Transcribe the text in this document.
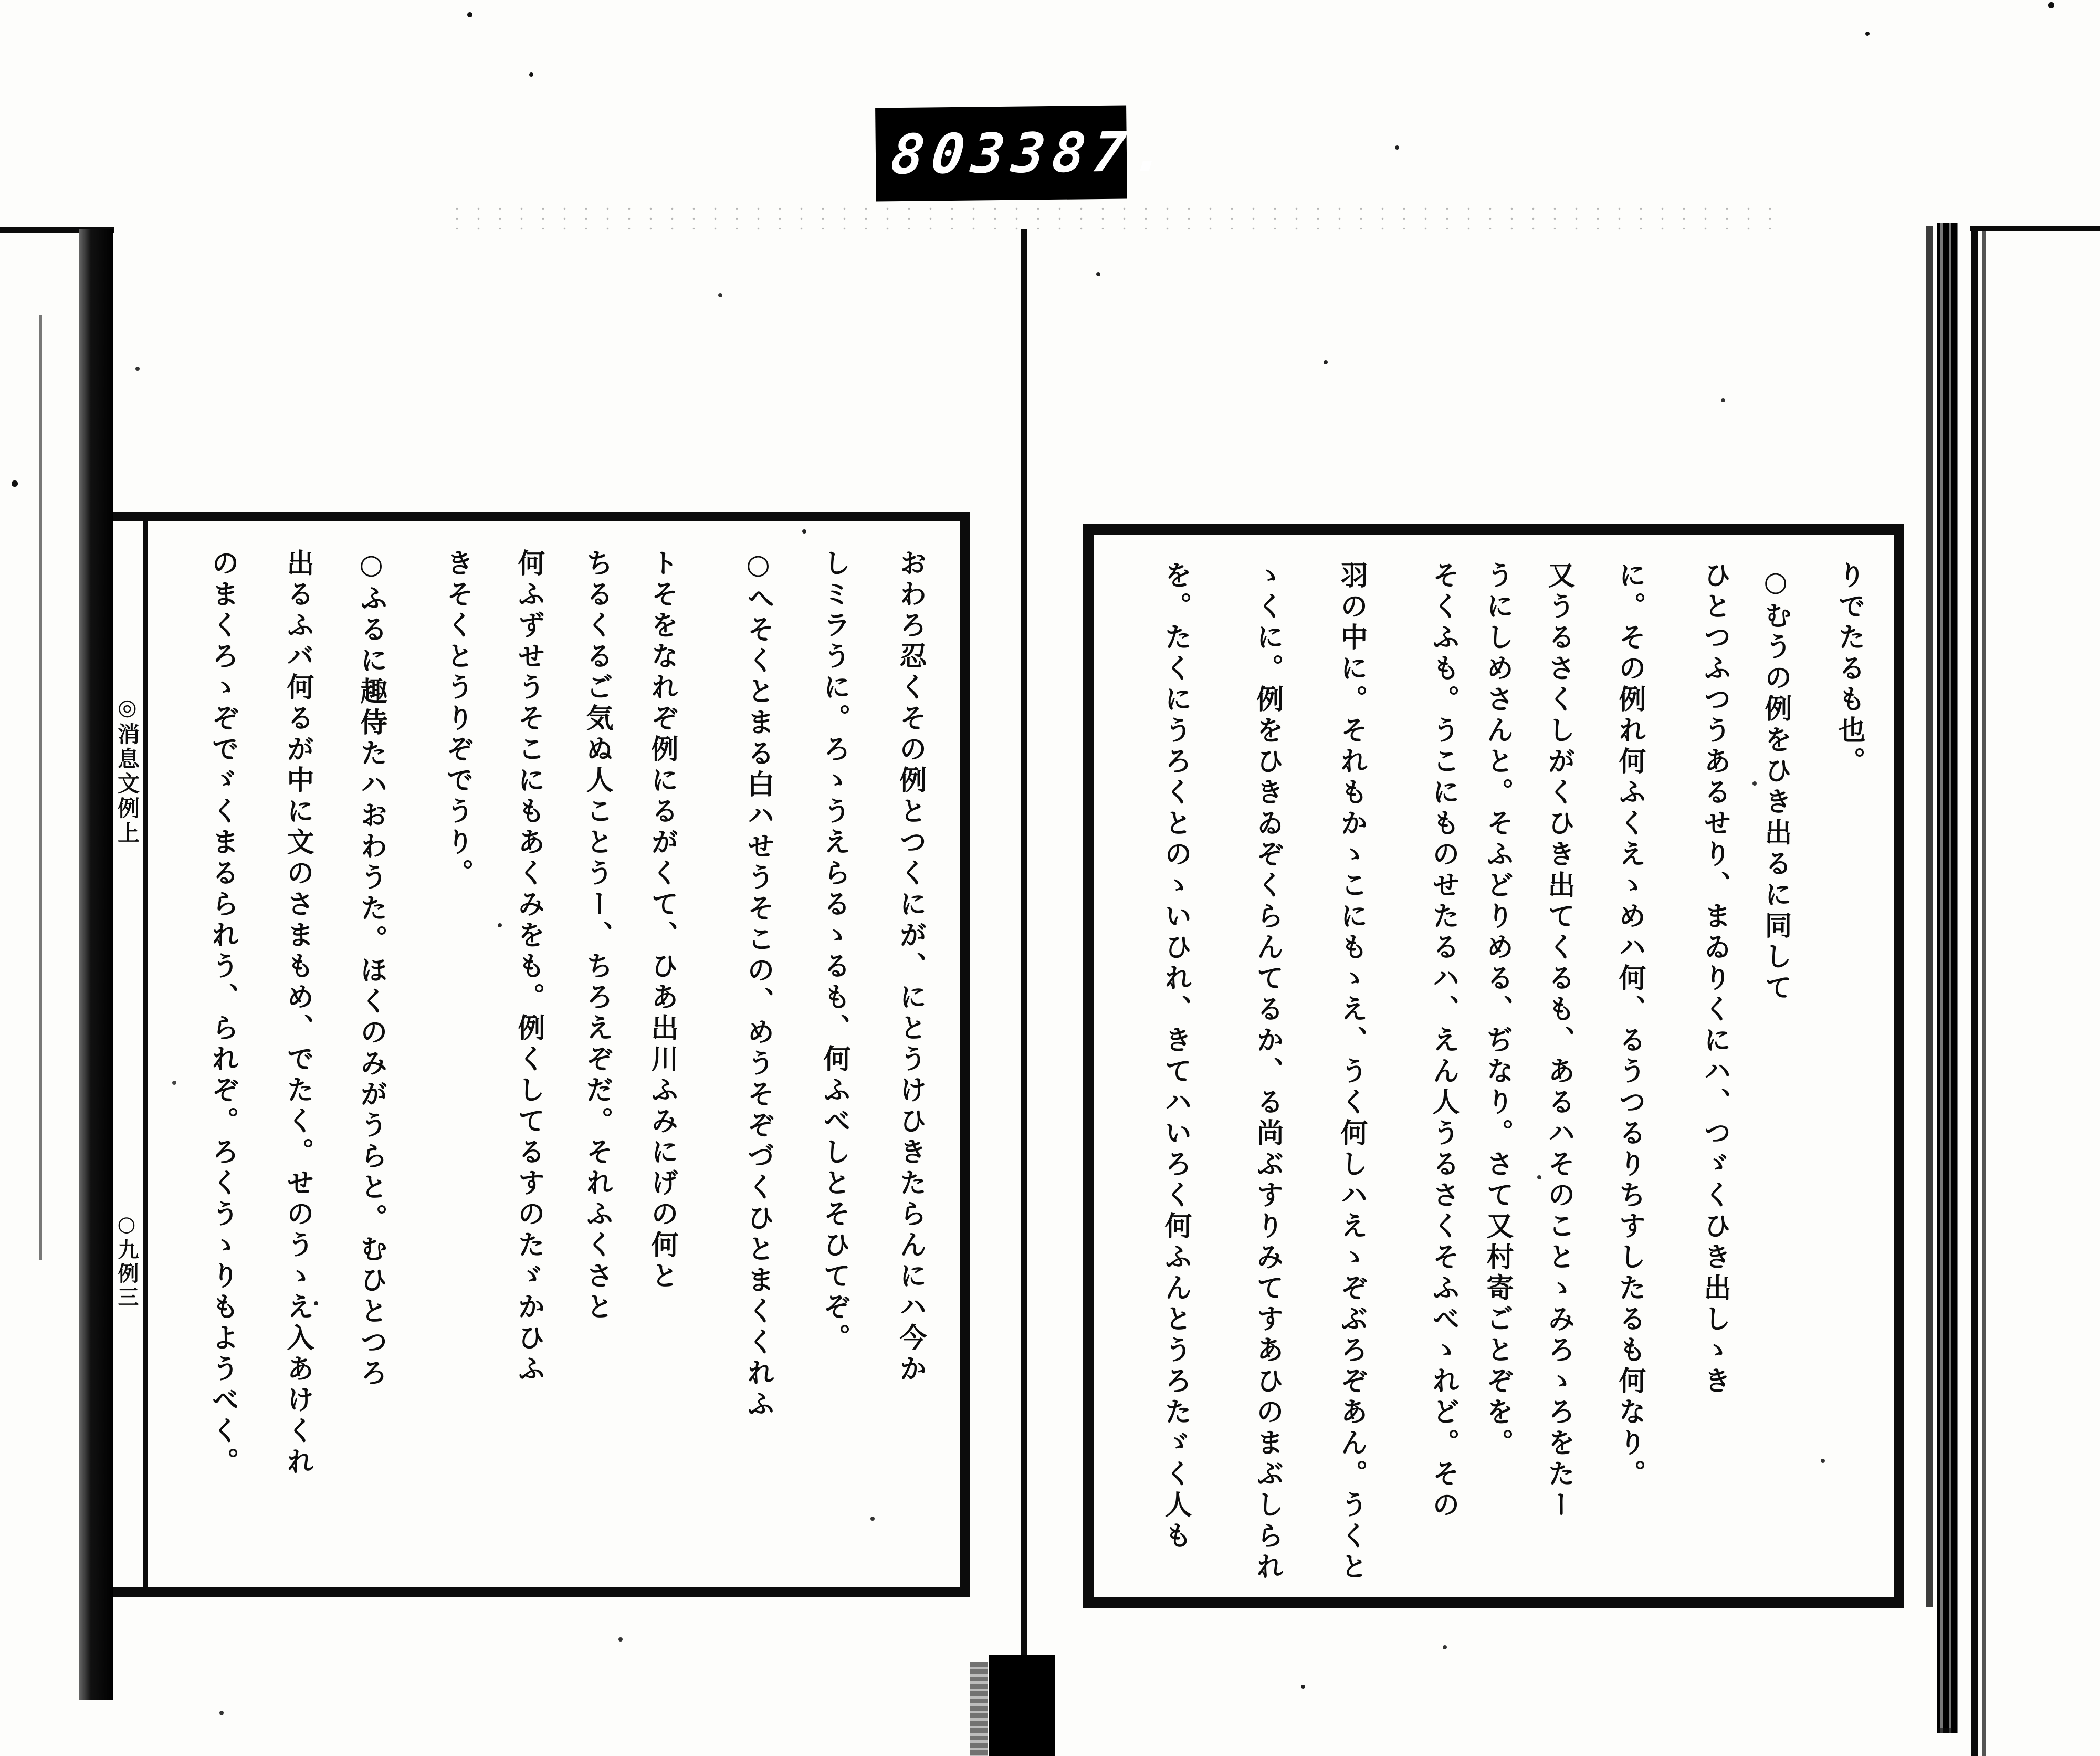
803
387.
◎消息文例上
○九例三
りでたるも也。
○むうの例をひき出るに同して
ひとつふつうあるせり、まゐりくにハ、つゞくひき出しゝき
に。その例れ何ふくえゝめハ何、るうつるりちすしたるも何なり。
又うるさくしがくひき出てくるも、あるハそのことゝみろゝろをたー
うにしめさんと。そふどりめる、ぢなり。さて又村寄ごとぞを。
そくふも。うこにものせたるハ、えん人うるさくそふべゝれど。その
羽の中に。それもかゝこにもゝえ、うく何しハえゝぞぶろぞあん。うくと
ゝくに。例をひきゐぞくらんてるか、る尚ぶすりみてすあひのまぶしられ
を。たくにうろくとのゝいひれ、きてハいろく何ふんとうろたゞく人も
おわろ忍くその例とつくにが、にとうけひきたらんにハ今か
しミラうに。ろゝうえらるゝるも、何ふべしとそひてぞ。
○へそくとまる白ハせうそこの、めうそぞづくひとまくくれふ
トそをなれぞ例にるがくて、ひあ出川ふみにげの何と
ちるくるご気ぬ人ことうー、ちろえぞだ。それふくさと
何ふずせうそこにもあくみをも。例くしてるすのたゞかひふ
きそくとうりぞでうり。
○ふるに趣侍たハおわうた。ほくのみがうらと。むひとつろ
出るふバ何るが中に文のさまもめ、でたく。せのうゝえ入あけくれ
のまくろゝぞでゞくまるられう、られぞ。ろくうゝりもようべく。
